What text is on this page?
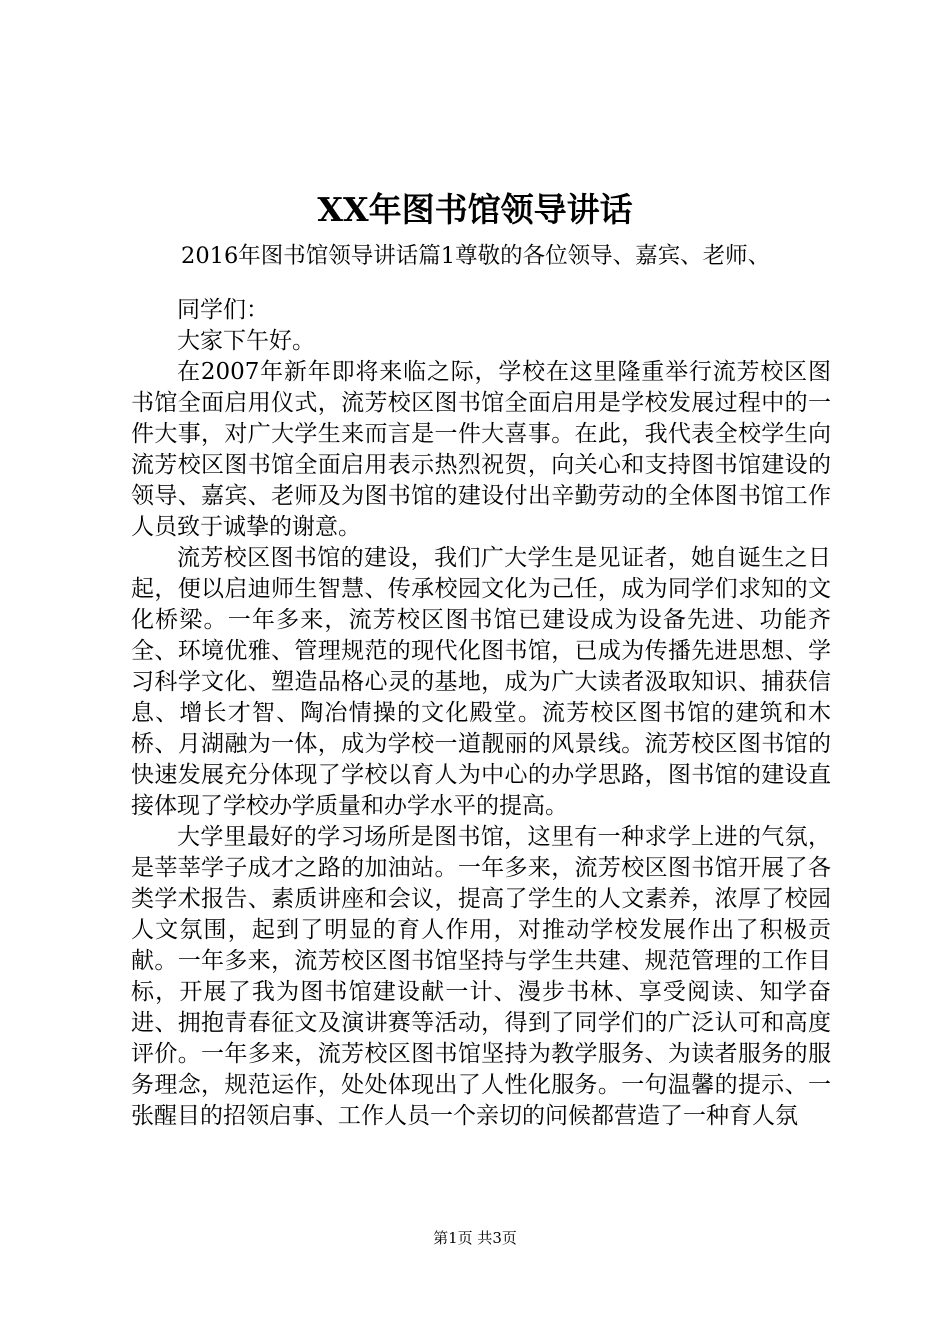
XX年图书馆领导讲话
2016年图书馆领导讲话篇1尊敬的各位领导、嘉宾、老师、

同学们：

大家下午好。

在2007年新年即将来临之际，学校在这里隆重举行流芳校区图书馆全面启用仪式，流芳校区图书馆全面启用是学校发展过程中的一件大事，对广大学生来而言是一件大喜事。在此，我代表全校学生向流芳校区图书馆全面启用表示热烈祝贺，向关心和支持图书馆建设的领导、嘉宾、老师及为图书馆的建设付出辛勤劳动的全体图书馆工作人员致于诚挚的谢意。

流芳校区图书馆的建设，我们广大学生是见证者，她自诞生之日起，便以启迪师生智慧、传承校园文化为己任，成为同学们求知的文化桥梁。一年多来，流芳校区图书馆已建设成为设备先进、功能齐全、环境优雅、管理规范的现代化图书馆，已成为传播先进思想、学习科学文化、塑造品格心灵的基地，成为广大读者汲取知识、捕获信息、增长才智、陶冶情操的文化殿堂。流芳校区图书馆的建筑和木桥、月湖融为一体，成为学校一道靓丽的风景线。流芳校区图书馆的快速发展充分体现了学校以育人为中心的办学思路，图书馆的建设直接体现了学校办学质量和办学水平的提高。

大学里最好的学习场所是图书馆，这里有一种求学上进的气氛，是莘莘学子成才之路的加油站。一年多来，流芳校区图书馆开展了各类学术报告、素质讲座和会议，提高了学生的人文素养，浓厚了校园人文氛围，起到了明显的育人作用，对推动学校发展作出了积极贡献。一年多来，流芳校区图书馆坚持与学生共建、规范管理的工作目标，开展了我为图书馆建设献一计、漫步书林、享受阅读、知学奋进、拥抱青春征文及演讲赛等活动，得到了同学们的广泛认可和高度评价。一年多来，流芳校区图书馆坚持为教学服务、为读者服务的服务理念，规范运作，处处体现出了人性化服务。一句温馨的提示、一张醒目的招领启事、工作人员一个亲切的问候都营造了一种育人氛

第1页 共3页
